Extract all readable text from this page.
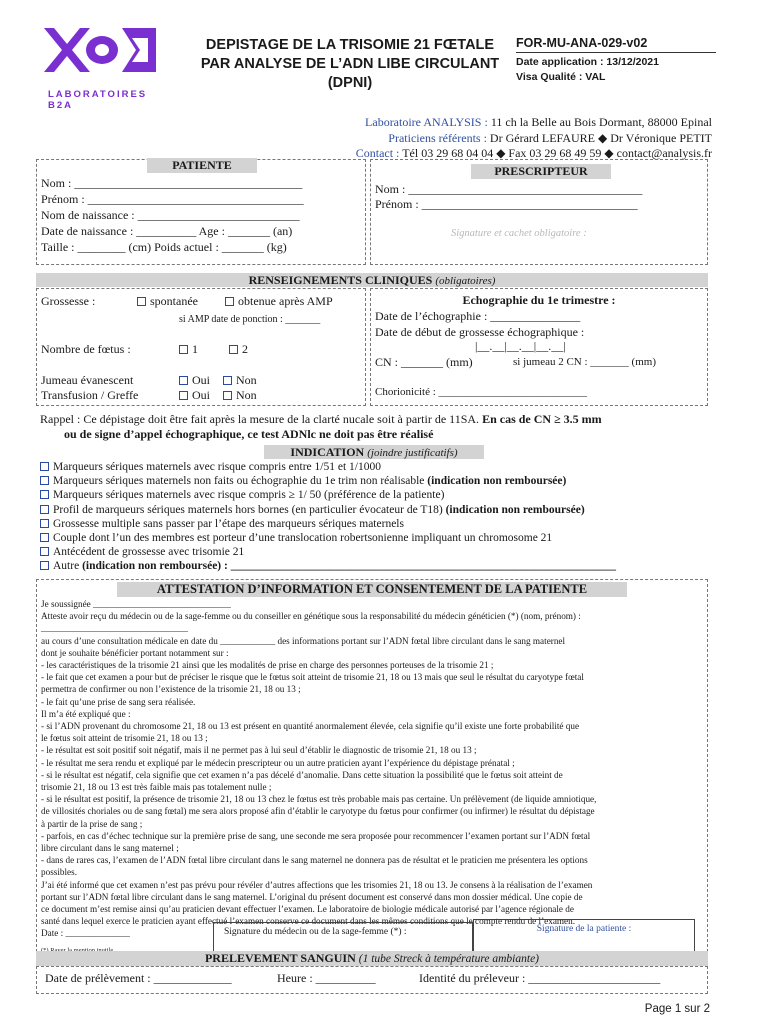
LABORATOIRES B2A
DEPISTAGE DE LA TRISOMIE 21 FŒTALE
PAR ANALYSE DE L’ADN LIBE CIRCULANT
(DPNI)
FOR-MU-ANA-029-v02
Date application : 13/12/2021
Visa Qualité : VAL
Laboratoire ANALYSIS : 11 ch la Belle au Bois Dormant, 88000 Epinal
Praticiens référents : Dr Gérard LEFAURE ◆ Dr Véronique PETIT
Contact : Tél 03 29 68 04 04 ◆ Fax 03 29 68 49 59 ◆ contact@analysis.fr
PATIENTE
Nom : ______________________________________
Prénom : ____________________________________
Nom de naissance : ___________________________
Date de naissance : __________ Age : _______ (an)
Taille : ________ (cm) Poids actuel : _______ (kg)
PRESCRIPTEUR
Nom : _______________________________________
Prénom : ____________________________________
Signature et cachet obligatoire :
RENSEIGNEMENTS CLINIQUES (obligatoires)
Grossesse :	spontanée	obtenue après AMP
si AMP date de ponction : _______
Nombre de fœtus :	1	2
Jumeau évanescent	Oui	Non
Transfusion / Greffe	Oui	Non
Echographie du 1e trimestre :
Date de l’échographie : _______________
Date de début de grossesse échographique :
|__.__|__.__|__.__|
CN : _______ (mm)	si jumeau 2 CN : _______ (mm)
Chorionicité : ___________________________
Rappel : Ce dépistage doit être fait après la mesure de la clarté nucale soit à partir de 11SA. En cas de CN ≥ 3.5 mm
ou de signe d’appel échographique, ce test ADNlc ne doit pas être réalisé
INDICATION (joindre justificatifs)
Marqueurs sériques maternels avec risque compris entre 1/51 et 1/1000
Marqueurs sériques maternels non faits ou échographie du 1e trim non réalisable (indication non remboursée)
Marqueurs sériques maternels avec risque compris ≥ 1/ 50 (préférence de la patiente)
Profil de marqueurs sériques maternels hors bornes (en particulier évocateur de T18) (indication non remboursée)
Grossesse multiple sans passer par l’étape des marqueurs sériques maternels
Couple dont l’un des membres est porteur d’une translocation robertsonienne impliquant un chromosome 21
Antécédent de grossesse avec trisomie 21
Autre (indication non remboursée) : ___________________________________________________________________
ATTESTATION D’INFORMATION ET CONSENTEMENT DE LA PATIENTE
Je soussignée ______________________________
Atteste avoir reçu du médecin ou de la sage-femme ou du conseiller en génétique sous la responsabilité du médecin généticien (*) (nom, prénom) :
________________________________
au cours d’une consultation médicale en date du ____________ des informations portant sur l’ADN fœtal libre circulant dans le sang maternel
dont je souhaite bénéficier portant notamment sur :
- les caractéristiques de la trisomie 21 ainsi que les modalités de prise en charge des personnes porteuses de la trisomie 21 ;
- le fait que cet examen a pour but de préciser le risque que le fœtus soit atteint de trisomie 21, 18 ou 13 mais que seul le résultat du caryotype fœtal
permettra de confirmer ou non l’existence de la trisomie 21, 18 ou 13 ;
- le fait qu’une prise de sang sera réalisée.
Il m’a été expliqué que :
- si l’ADN provenant du chromosome 21, 18 ou 13 est présent en quantité anormalement élevée, cela signifie qu’il existe une forte probabilité que
le fœtus soit atteint de trisomie 21, 18 ou 13 ;
- le résultat est soit positif soit négatif, mais il ne permet pas à lui seul d’établir le diagnostic de trisomie 21, 18 ou 13 ;
- le résultat me sera rendu et expliqué par le médecin prescripteur ou un autre praticien ayant l’expérience du dépistage prénatal ;
- si le résultat est négatif, cela signifie que cet examen n’a pas décelé d’anomalie. Dans cette situation la possibilité que le fœtus soit atteint de
trisomie 21, 18 ou 13 est très faible mais pas totalement nulle ;
- si le résultat est positif, la présence de trisomie 21, 18 ou 13 chez le fœtus est très probable mais pas certaine. Un prélèvement (de liquide amniotique,
de villosités choriales ou de sang fœtal) me sera alors proposé afin d’établir le caryotype du fœtus pour confirmer (ou infirmer) le résultat du dépistage
à partir de la prise de sang ;
- parfois, en cas d’échec technique sur la première prise de sang, une seconde me sera proposée pour recommencer l’examen portant sur l’ADN fœtal
libre circulant dans le sang maternel ;
- dans de rares cas, l’examen de l’ADN fœtal libre circulant dans le sang maternel ne donnera pas de résultat et le praticien me présentera les options
possibles.
J’ai été informé que cet examen n’est pas prévu pour révéler d’autres affections que les trisomies 21, 18 ou 13. Je consens à la réalisation de l’examen
portant sur l’ADN fœtal libre circulant dans le sang maternel. L’original du présent document est conservé dans mon dossier médical. Une copie de
ce document m’est remise ainsi qu’au praticien devant effectuer l’examen. Le laboratoire de biologie médicale autorisé par l’agence régionale de
santé dans lequel exerce le praticien ayant effectué l’examen conserve ce document dans les mêmes conditions que le compte rendu de l’examen.
Date : ______________	Signature du médecin ou de la sage-femme (*) :	Signature de la patiente :
PRELEVEMENT SANGUIN (1 tube Streck à température ambiante)
Date de prélèvement : _____________	Heure : __________	Identité du préleveur : ______________________
Page 1 sur 2
